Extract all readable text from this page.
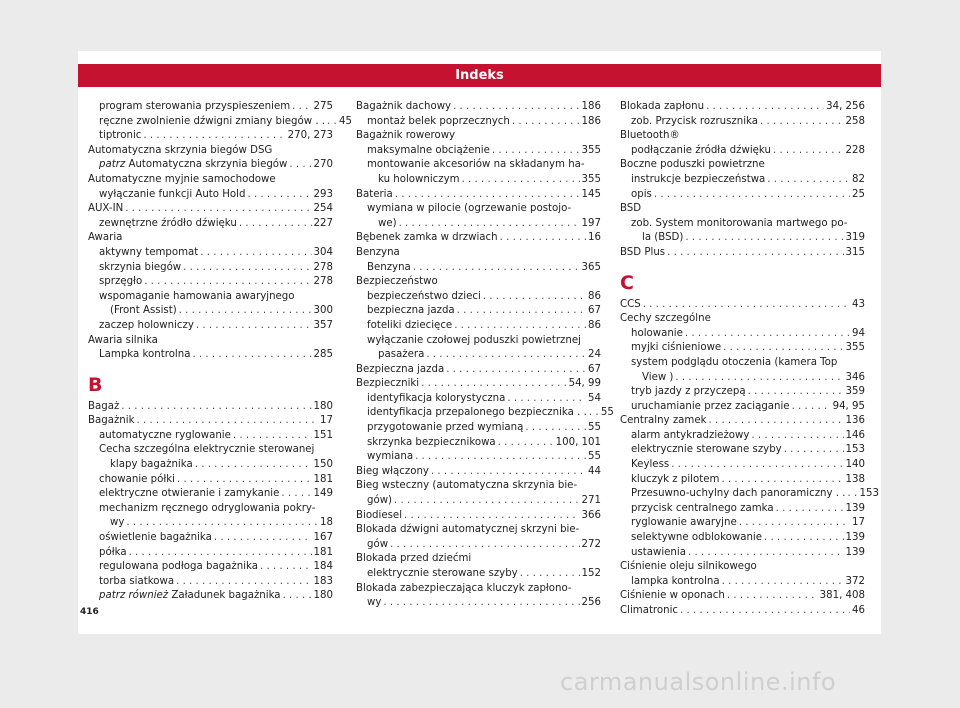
Indeks
program sterowania przyspieszeniem . . . 275
ręczne zwolnienie dźwigni zmiany biegów . . . . . 45
tiptronic . . .	270, 273
Automatyczna skrzynia biegów DSG
patrz Automatyczna skrzynia biegów . . .	270
Automatyczne myjnie samochodowe
wyłączanie funkcji Auto Hold . . .	293
AUX-IN . . .	254
zewnętrzne źródło dźwięku . . .	227
Awaria
aktywny tempomat . . .	304
skrzynia biegów . . .	278
sprzęgło . . .	278
wspomaganie hamowania awaryjnego
(Front Assist) . . .	300
zaczep holowniczy . . .	357
Awaria silnika
Lampka kontrolna . . .	285
B
Bagaż . . .	180
Bagażnik . . .	17
automatyczne ryglowanie . . .	151
Cecha szczególna elektrycznie sterowanej
klapy bagażnika . . .	150
chowanie półki . . .	181
elektryczne otwieranie i zamykanie . . .	149
mechanizm ręcznego odryglowania pokry-
wy . . .	18
oświetlenie bagażnika . . .	167
półka . . .	181
regulowana podłoga bagażnika . . .	184
torba siatkowa . . .	183
patrz również Załadunek bagażnika . . .	180
Bagażnik dachowy . . .	186
montaż belek poprzecznych . . .	186
Bagażnik rowerowy
maksymalne obciążenie . . .	355
montowanie akcesoriów na składanym ha-
ku holowniczym . . .	355
Bateria . . .	145
wymiana w pilocie (ogrzewanie postojo-
we) . . .	197
Bębenek zamka w drzwiach . . .	16
Benzyna
Benzyna . . .	365
Bezpieczeństwo
bezpieczeństwo dzieci . . .	86
bezpieczna jazda . . .	67
foteliki dziecięce . . .	86
wyłączanie czołowej poduszki powietrznej
pasażera . . .	24
Bezpieczna jazda . . .	67
Bezpieczniki . . .	54, 99
identyfikacja kolorystyczna . . .	54
identyfikacja przepalonego bezpiecznika . . . . . 55
przygotowanie przed wymianą . . .	55
skrzynka bezpiecznikowa . . .	100, 101
wymiana . . .	55
Bieg włączony . . .	44
Bieg wsteczny (automatyczna skrzynia bie-
gów) . . .	271
Biodiesel . . .	366
Blokada dźwigni automatycznej skrzyni bie-
gów . . .	272
Blokada przed dziećmi
elektrycznie sterowane szyby . . .	152
Blokada zabezpieczająca kluczyk zapłono-
wy . . .	256
Blokada zapłonu . . .	34, 256
zob. Przycisk rozrusznika . . .	258
Bluetooth®
podłączanie źródła dźwięku . . .	228
Boczne poduszki powietrzne
instrukcje bezpieczeństwa . . .	82
opis . . .	25
BSD
zob. System monitorowania martwego po-
la (BSD) . . .	319
BSD Plus . . .	315
C
CCS . . .	43
Cechy szczególne
holowanie . . .	94
myjki ciśnieniowe . . .	355
system podglądu otoczenia (kamera Top
View ) . . .	346
tryb jazdy z przyczepą . . .	359
uruchamianie przez zaciąganie . . .	94, 95
Centralny zamek . . .	136
alarm antykradzieżowy . . .	146
elektrycznie sterowane szyby . . .	153
Keyless . . .	140
kluczyk z pilotem . . .	138
Przesuwno-uchylny dach panoramiczny . . . . . 153
przycisk centralnego zamka . . .	139
ryglowanie awaryjne . . .	17
selektywne odblokowanie . . .	139
ustawienia . . .	139
Ciśnienie oleju silnikowego
lampka kontrolna . . .	372
Ciśnienie w oponach . . .	381, 408
Climatronic . . .	46
416
carmanualsonline.info
